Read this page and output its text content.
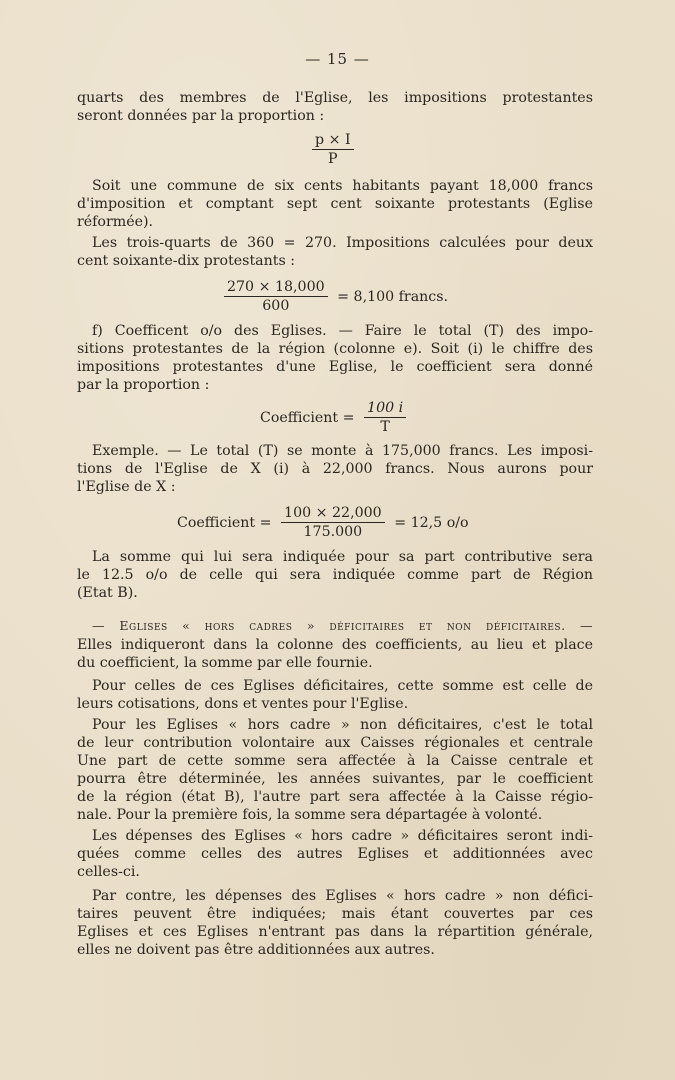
— 15 —
quarts des membres de l'Eglise, les impositions protestantes
seront données par la proportion :
$\frac{p \times I}{P}$
Soit une commune de six cents habitants payant 18,000 francs
d'imposition et comptant sept cent soixante protestants (Eglise
réformée).
Les trois-quarts de 360 = 270. Impositions calculées pour deux
cent soixante-dix protestants :
$\frac{270 \times 18,000}{600} = 8,100$ francs.
f) Coefficent o/o des Eglises. — Faire le total (T) des impo-
sitions protestantes de la région (colonne e). Soit (i) le chiffre des
impositions protestantes d'une Eglise, le coefficient sera donné
par la proportion :
Coefficient = $\frac{100 i}{T}$
Exemple. — Le total (T) se monte à 175,000 francs. Les imposi-
tions de l'Eglise de X (i) à 22,000 francs. Nous aurons pour
l'Eglise de X :
Coefficient = $\frac{100 \times 22,000}{175.000} = 12,5$ o/o
La somme qui lui sera indiquée pour sa part contributive sera
le 12.5 o/o de celle qui sera indiquée comme part de Région
(Etat B).
— Eglises « hors cadres » déficitaires et non déficitaires. —
Elles indiqueront dans la colonne des coefficients, au lieu et place
du coefficient, la somme par elle fournie.
Pour celles de ces Eglises déficitaires, cette somme est celle de
leurs cotisations, dons et ventes pour l'Eglise.
Pour les Eglises « hors cadre » non déficitaires, c'est le total
de leur contribution volontaire aux Caisses régionales et centrale
Une part de cette somme sera affectée à la Caisse centrale et
pourra être déterminée, les années suivantes, par le coefficient
de la région (état B), l'autre part sera affectée à la Caisse régio-
nale. Pour la première fois, la somme sera départagée à volonté.
Les dépenses des Eglises « hors cadre » déficitaires seront indi-
quées comme celles des autres Eglises et additionnées avec
celles-ci.
Par contre, les dépenses des Eglises « hors cadre » non défici-
taires peuvent être indiquées; mais étant couvertes par ces
Eglises et ces Eglises n'entrant pas dans la répartition générale,
elles ne doivent pas être additionnées aux autres.
